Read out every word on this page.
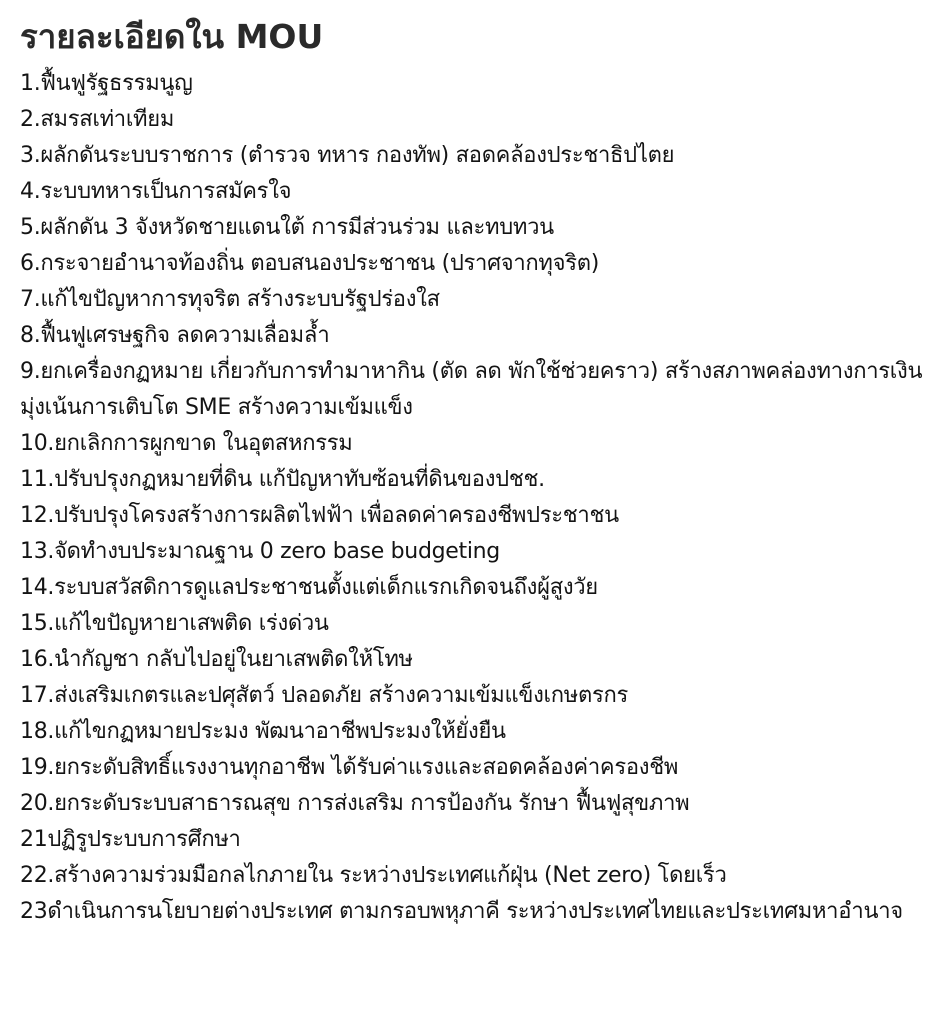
รายละเอียดใน MOU
1.ฟื้นฟูรัฐธรรมนูญ
2.สมรสเท่าเทียม
3.ผลักดันระบบราชการ (ตำรวจ ทหาร กองทัพ) สอดคล้องประชาธิปไตย
4.ระบบทหารเป็นการสมัครใจ
5.ผลักดัน 3 จังหวัดชายแดนใต้ การมีส่วนร่วม และทบทวน
6.กระจายอำนาจท้องถิ่น ตอบสนองประชาชน (ปราศจากทุจริต)
7.แก้ไขปัญหาการทุจริต สร้างระบบรัฐปร่องใส
8.ฟื้นฟูเศรษฐกิจ ลดความเลื่อมล้ำ
9.ยกเครื่องกฏหมาย เกี่ยวกับการทำมาหากิน (ตัด ลด พักใช้ช่วยคราว) สร้างสภาพคล่องทางการเงิน มุ่งเน้นการเติบโต SME สร้างความเข้มแข็ง
10.ยกเลิกการผูกขาด ในอุตสหกรรม
11.ปรับปรุงกฏหมายที่ดิน แก้ปัญหาทับซ้อนที่ดินของปชช.
12.ปรับปรุงโครงสร้างการผลิตไฟฟ้า เพื่อลดค่าครองชีพประชาชน
13.จัดทำงบประมาณฐาน 0 zero base budgeting
14.ระบบสวัสดิการดูแลประชาชนตั้งแต่เด็กแรกเกิดจนถึงผู้สูงวัย
15.แก้ไขปัญหายาเสพติด เร่งด่วน
16.นำกัญชา กลับไปอยู่ในยาเสพติดให้โทษ
17.ส่งเสริมเกตรและปศุสัตว์ ปลอดภัย สร้างความเข้มแข็งเกษตรกร
18.แก้ไขกฏหมายประมง พัฒนาอาชีพประมงให้ยั่งยืน
19.ยกระดับสิทธิ์แรงงานทุกอาชีพ ได้รับค่าแรงและสอดคล้องค่าครองชีพ
20.ยกระดับระบบสาธารณสุข การส่งเสริม การป้องกัน รักษา ฟื้นฟูสุขภาพ
21ปฏิรูประบบการศึกษา
22.สร้างความร่วมมือกลไกภายใน ระหว่างประเทศแก้ฝุ่น (Net zero) โดยเร็ว
23ดำเนินการนโยบายต่างประเทศ ตามกรอบพหุภาคี ระหว่างประเทศไทยและประเทศมหาอำนาจ
